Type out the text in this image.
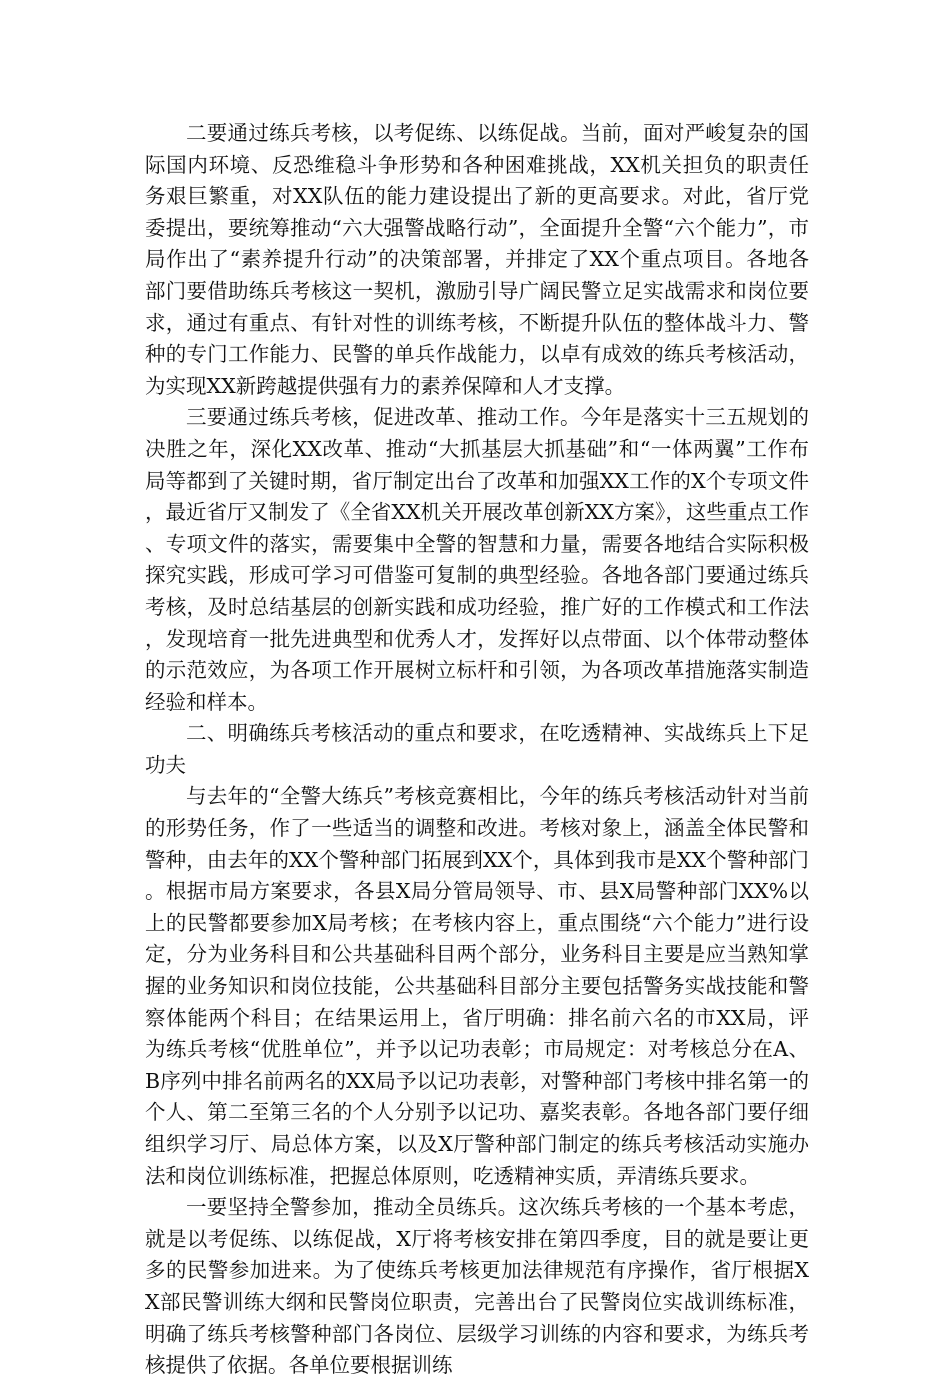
二要通过练兵考核，以考促练、以练促战。当前，面对严峻复杂的国际国内环境、反恐维稳斗争形势和各种困难挑战，XX机关担负的职责任务艰巨繁重，对XX队伍的能力建设提出了新的更高要求。对此，省厅党委提出，要统筹推动“六大强警战略行动”，全面提升全警“六个能力”，市局作出了“素养提升行动”的决策部署，并排定了XX个重点项目。各地各部门要借助练兵考核这一契机，激励引导广阔民警立足实战需求和岗位要求，通过有重点、有针对性的训练考核，不断提升队伍的整体战斗力、警种的专门工作能力、民警的单兵作战能力，以卓有成效的练兵考核活动，为实现XX新跨越提供强有力的素养保障和人才支撑。

三要通过练兵考核，促进改革、推动工作。今年是落实十三五规划的决胜之年，深化XX改革、推动“大抓基层大抓基础”和“一体两翼”工作布局等都到了关键时期，省厅制定出台了改革和加强XX工作的X个专项文件，最近省厅又制发了《全省XX机关开展改革创新XX方案》，这些重点工作、专项文件的落实，需要集中全警的智慧和力量，需要各地结合实际积极探究实践，形成可学习可借鉴可复制的典型经验。各地各部门要通过练兵考核，及时总结基层的创新实践和成功经验，推广好的工作模式和工作法，发现培育一批先进典型和优秀人才，发挥好以点带面、以个体带动整体的示范效应，为各项工作开展树立标杆和引领，为各项改革措施落实制造经验和样本。

二、明确练兵考核活动的重点和要求，在吃透精神、实战练兵上下足功夫

与去年的“全警大练兵”考核竞赛相比，今年的练兵考核活动针对当前的形势任务，作了一些适当的调整和改进。考核对象上，涵盖全体民警和警种，由去年的XX个警种部门拓展到XX个，具体到我市是XX个警种部门。根据市局方案要求，各县X局分管局领导、市、县X局警种部门XX%以上的民警都要参加X局考核；在考核内容上，重点围绕“六个能力”进行设定，分为业务科目和公共基础科目两个部分，业务科目主要是应当熟知掌握的业务知识和岗位技能，公共基础科目部分主要包括警务实战技能和警察体能两个科目；在结果运用上，省厅明确：排名前六名的市XX局，评为练兵考核“优胜单位”，并予以记功表彰；市局规定：对考核总分在A、B序列中排名前两名的XX局予以记功表彰，对警种部门考核中排名第一的个人、第二至第三名的个人分别予以记功、嘉奖表彰。各地各部门要仔细组织学习厅、局总体方案，以及X厅警种部门制定的练兵考核活动实施办法和岗位训练标准，把握总体原则，吃透精神实质，弄清练兵要求。

一要坚持全警参加，推动全员练兵。这次练兵考核的一个基本考虑，就是以考促练、以练促战，X厅将考核安排在第四季度，目的就是要让更多的民警参加进来。为了使练兵考核更加法律规范有序操作，省厅根据XX部民警训练大纲和民警岗位职责，完善出台了民警岗位实战训练标准，明确了练兵考核警种部门各岗位、层级学习训练的内容和要求，为练兵考核提供了依据。各单位要根据训练
